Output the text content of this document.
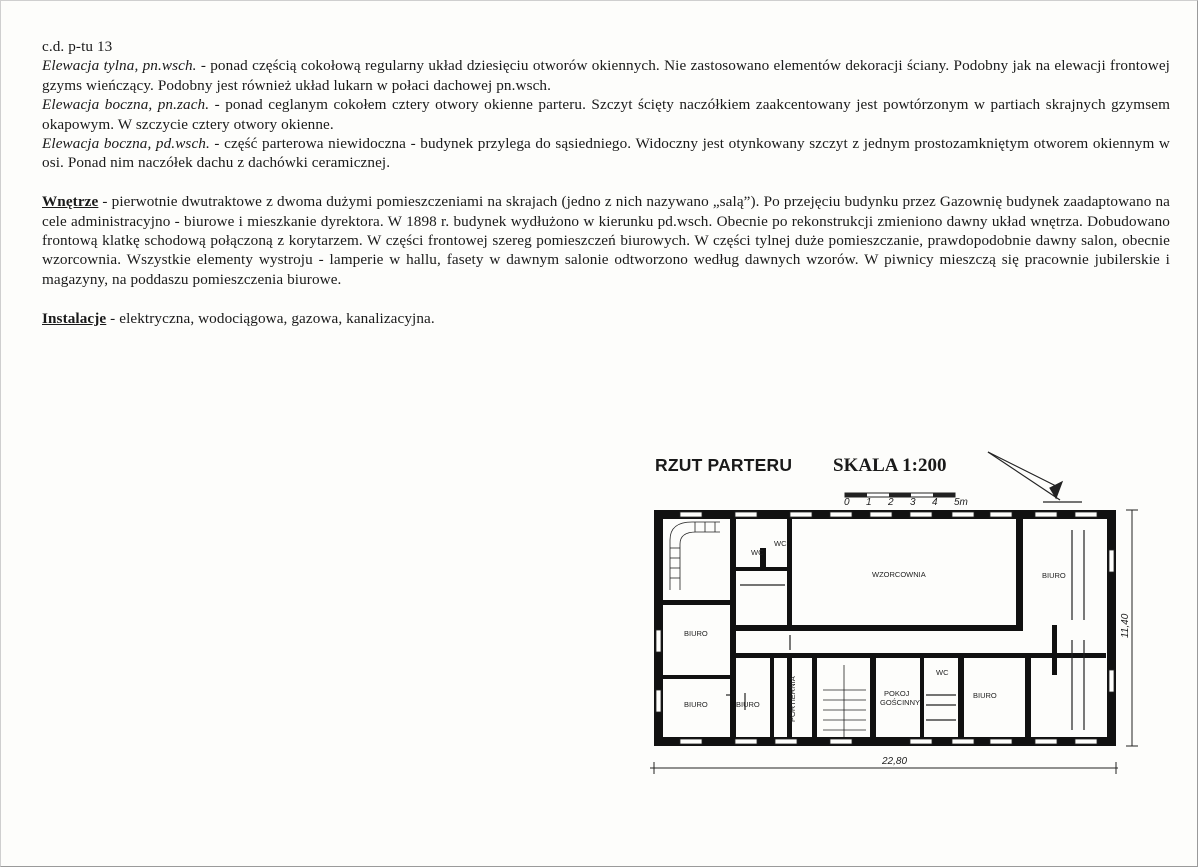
c.d. p-tu 13

Elewacja tylna, pn.wsch. - ponad częścią cokołową regularny układ dziesięciu otworów okiennych. Nie zastosowano elementów dekoracji ściany. Podobny jak na elewacji frontowej gzyms wieńczący. Podobny jest również układ lukarn w połaci dachowej pn.wsch.

Elewacja boczna, pn.zach. - ponad ceglanym cokołem cztery otwory okienne parteru. Szczyt ścięty naczółkiem zaakcentowany jest powtórzonym w partiach skrajnych gzymsem okapowym. W szczycie cztery otwory okienne.

Elewacja boczna, pd.wsch. - część parterowa niewidoczna - budynek przylega do sąsiedniego. Widoczny jest otynkowany szczyt z jednym prostozamkniętym otworem okiennym w osi. Ponad nim naczółek dachu z dachówki ceramicznej.

Wnętrze - pierwotnie dwutraktowe z dwoma dużymi pomieszczeniami na skrajach (jedno z nich nazywano „salą”). Po przejęciu budynku przez Gazownię budynek zaadaptowano na cele administracyjno - biurowe i mieszkanie dyrektora. W 1898 r. budynek wydłużono w kierunku pd.wsch. Obecnie po rekonstrukcji zmieniono dawny układ wnętrza. Dobudowano frontową klatkę schodową połączoną z korytarzem. W części frontowej szereg pomieszczeń biurowych. W części tylnej duże pomieszczanie, prawdopodobnie dawny salon, obecnie wzorcownia. Wszystkie elementy wystroju - lamperie w hallu, fasety w dawnym salonie odtworzono według dawnych wzorów. W piwnicy mieszczą się pracownie jubilerskie i magazyny, na poddaszu pomieszczenia biurowe.

Instalacje - elektryczna, wodociągowa, gazowa, kanalizacyjna.

RZUT PARTERU SKALA 1:200
0 1 2 3 4 5m
WC
WC
WZORCOWNIA	BIURO
BIURO
BIURO	BIURO	PORTIERNIA	POKOJ
GOŚCINNY
WC
BIURO
22,80
11,40
